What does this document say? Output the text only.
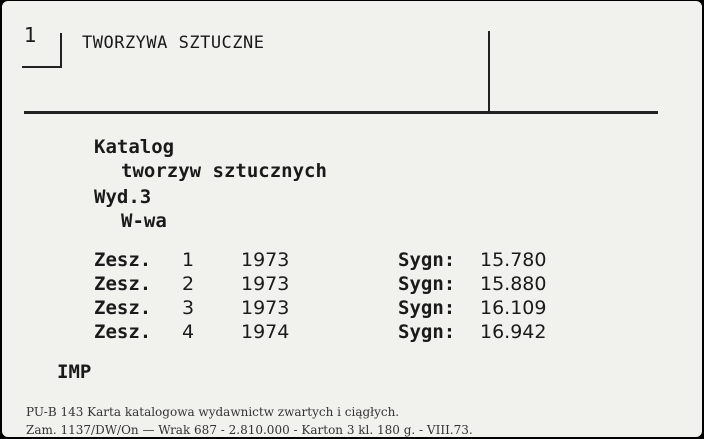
1	TWORZYWA SZTUCZNE
Katalog
tworzyw sztucznych
Wyd.3
W-wa
Zesz. 1 1973	Sygn: 15.780
Zesz. 2 1973	Sygn: 15.880
Zesz. 3 1973	Sygn: 16.109
Zesz. 4 1974	Sygn: 16.942
IMP
PU-B 143 Karta katalogowa wydawnictw zwartych i ciągłych.
Zam. 1137/DW/On — Wrak 687 - 2.810.000 - Karton 3 kl. 180 g. - VIII.73.
